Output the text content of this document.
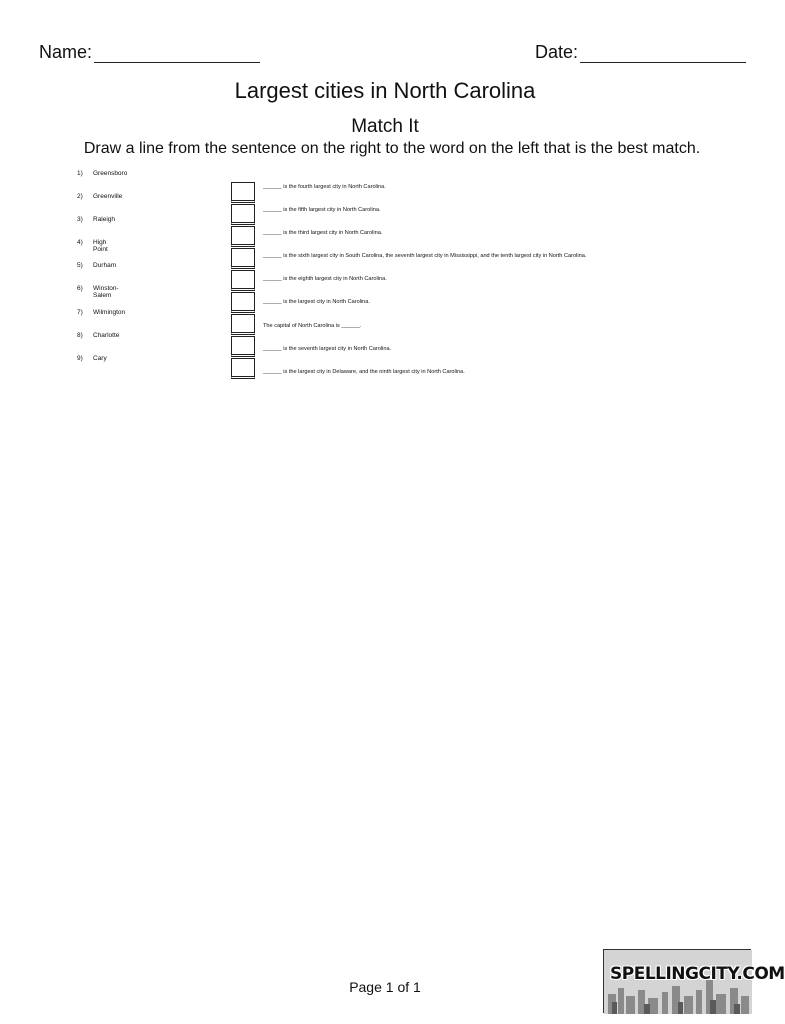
Name:	Date:
Largest cities in North Carolina
Match It
Draw a line from the sentence on the right to the word on the left that is the best match.
1) Greensboro
2) Greenville
3) Raleigh
4) High Point
5) Durham
6) Winston-Salem
7) Wilmington
8) Charlotte
9) Cary
______ is the fourth largest city in North Carolina.
______ is the fifth largest city in North Carolina.
______ is the third largest city in North Carolina.
______ is the sixth largest city in South Carolina, the seventh largest city in Mississippi, and the tenth largest city in North Carolina.
______ is the eighth largest city in North Carolina.
______ is the largest city in North Carolina.
The capital of North Carolina is ______.
______ is the seventh largest city in North Carolina.
______ is the largest city in Delaware, and the ninth largest city in North Carolina.
Page 1 of 1
SPELLINGCITY.COM
